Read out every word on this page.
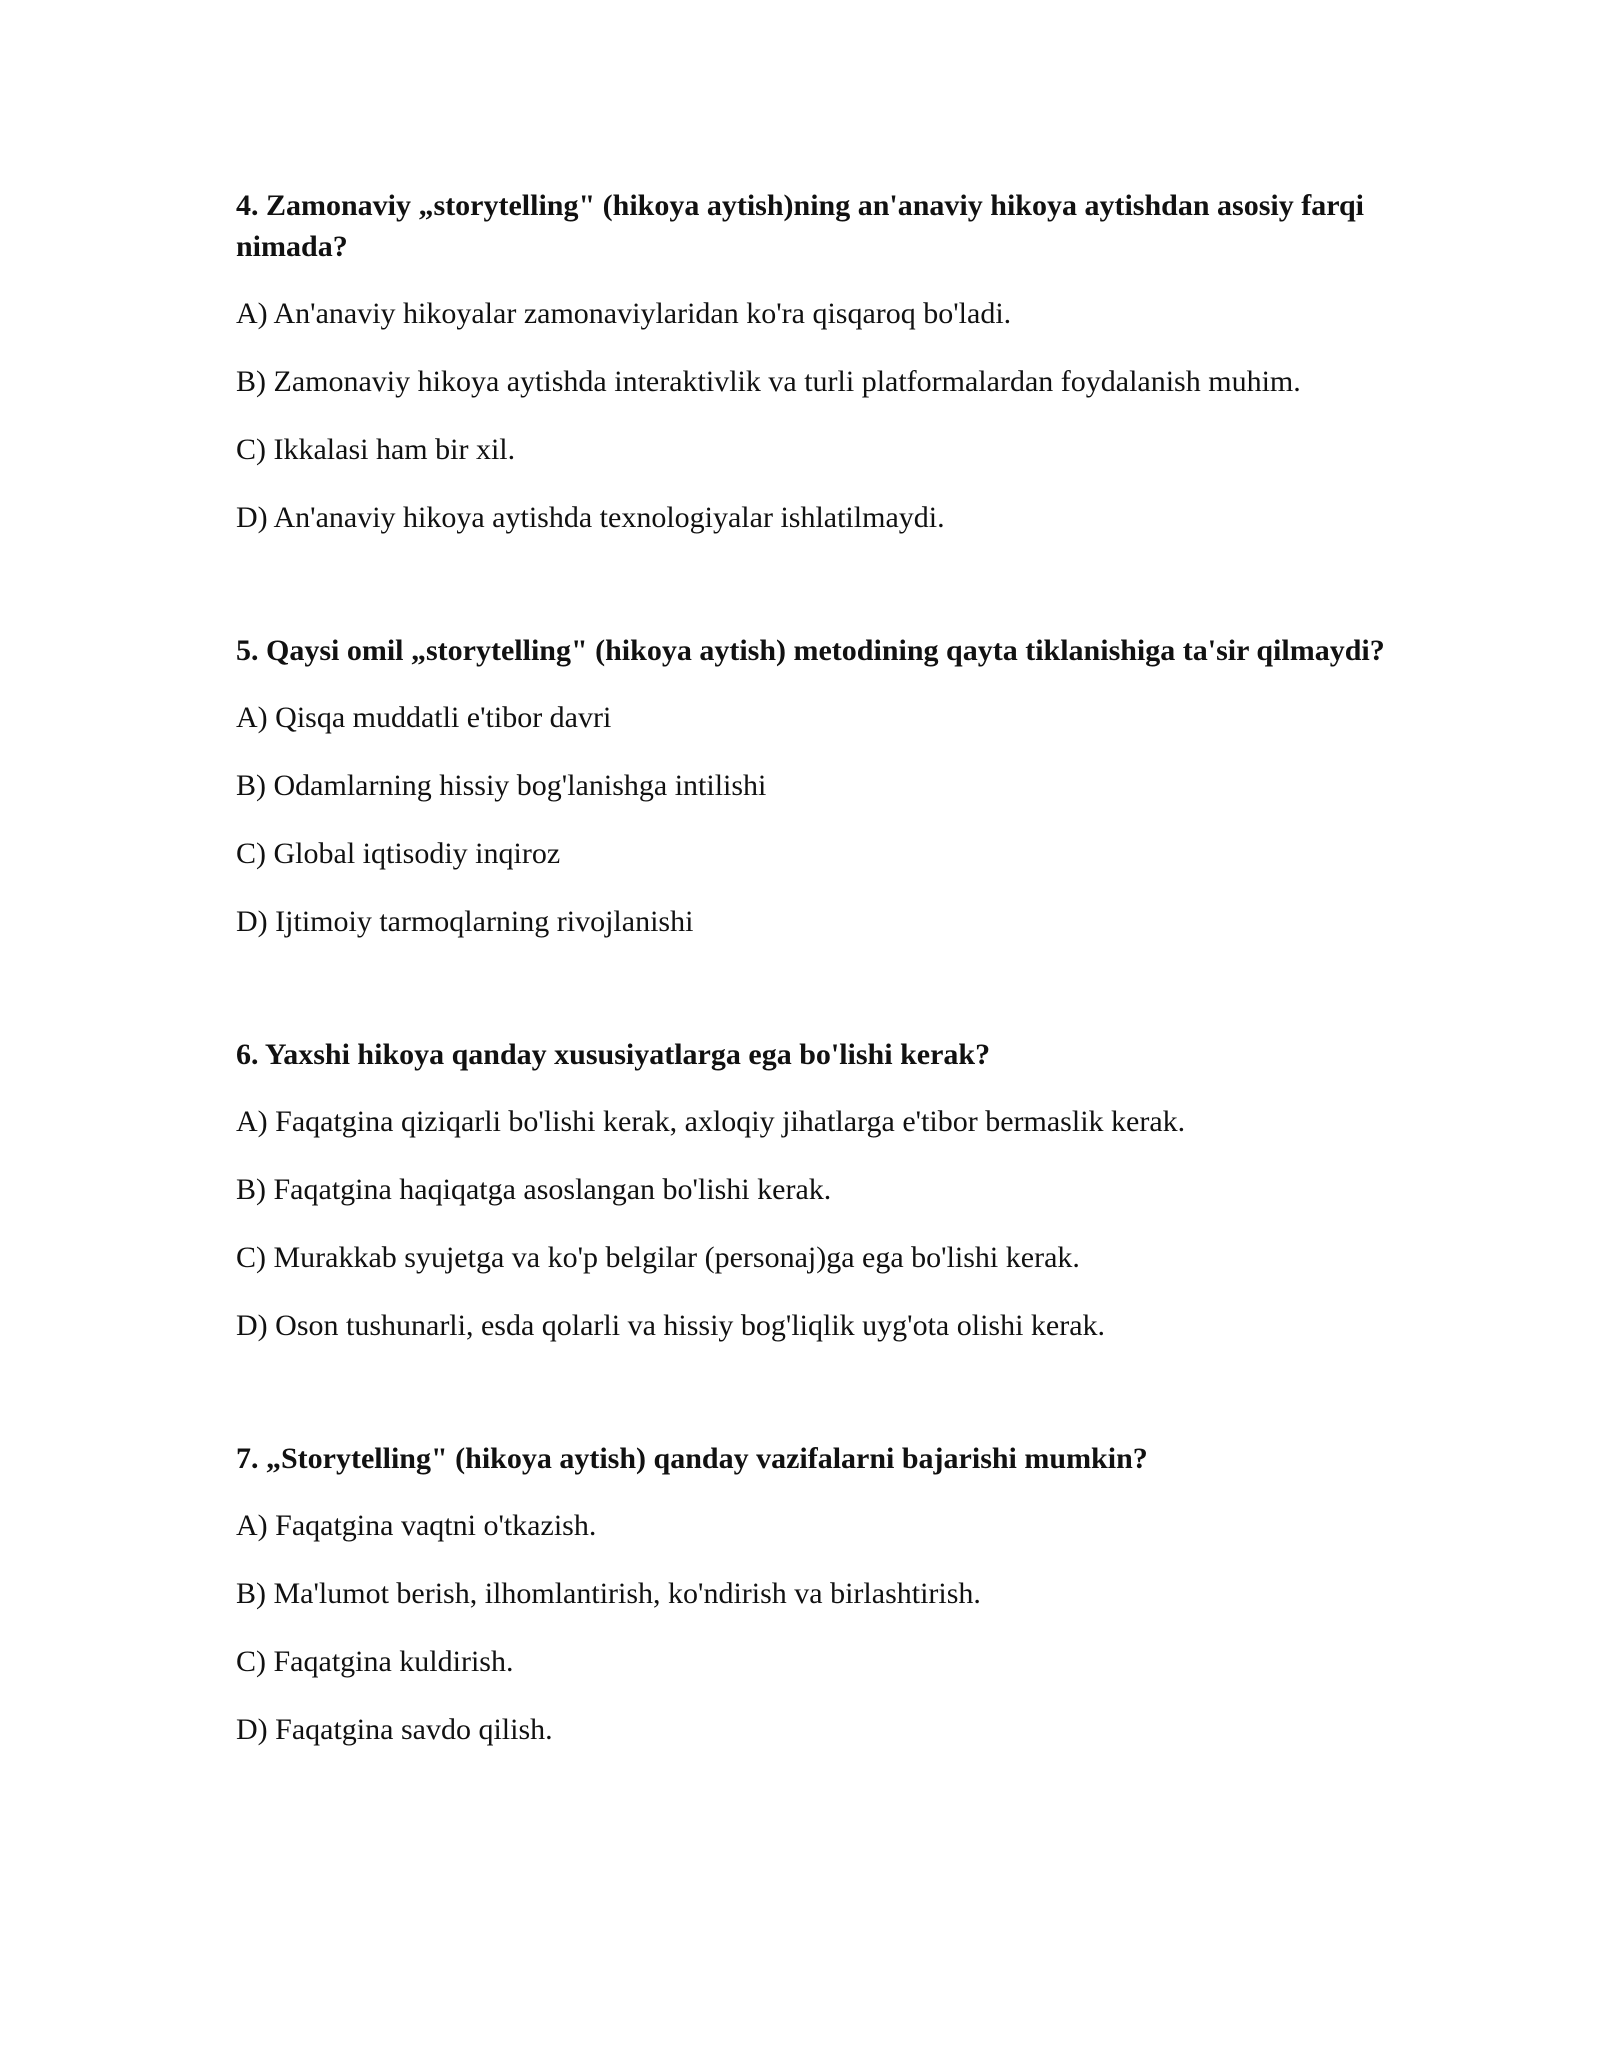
4. Zamonaviy „storytelling" (hikoya aytish)ning an'anaviy hikoya aytishdan asosiy farqi nimada?
A) An'anaviy hikoyalar zamonaviylaridan ko'ra qisqaroq bo'ladi.
B) Zamonaviy hikoya aytishda interaktivlik va turli platformalardan foydalanish muhim.
C) Ikkalasi ham bir xil.
D) An'anaviy hikoya aytishda texnologiyalar ishlatilmaydi.
5. Qaysi omil „storytelling" (hikoya aytish) metodining qayta tiklanishiga ta'sir qilmaydi?
A) Qisqa muddatli e'tibor davri
B) Odamlarning hissiy bog'lanishga intilishi
C) Global iqtisodiy inqiroz
D) Ijtimoiy tarmoqlarning rivojlanishi
6. Yaxshi hikoya qanday xususiyatlarga ega bo'lishi kerak?
A) Faqatgina qiziqarli bo'lishi kerak, axloqiy jihatlarga e'tibor bermaslik kerak.
B) Faqatgina haqiqatga asoslangan bo'lishi kerak.
C) Murakkab syujetga va ko'p belgilar (personaj)ga ega bo'lishi kerak.
D) Oson tushunarli, esda qolarli va hissiy bog'liqlik uyg'ota olishi kerak.
7. „Storytelling" (hikoya aytish) qanday vazifalarni bajarishi mumkin?
A) Faqatgina vaqtni o'tkazish.
B) Ma'lumot berish, ilhomlantirish, ko'ndirish va birlashtirish.
C) Faqatgina kuldirish.
D) Faqatgina savdo qilish.
